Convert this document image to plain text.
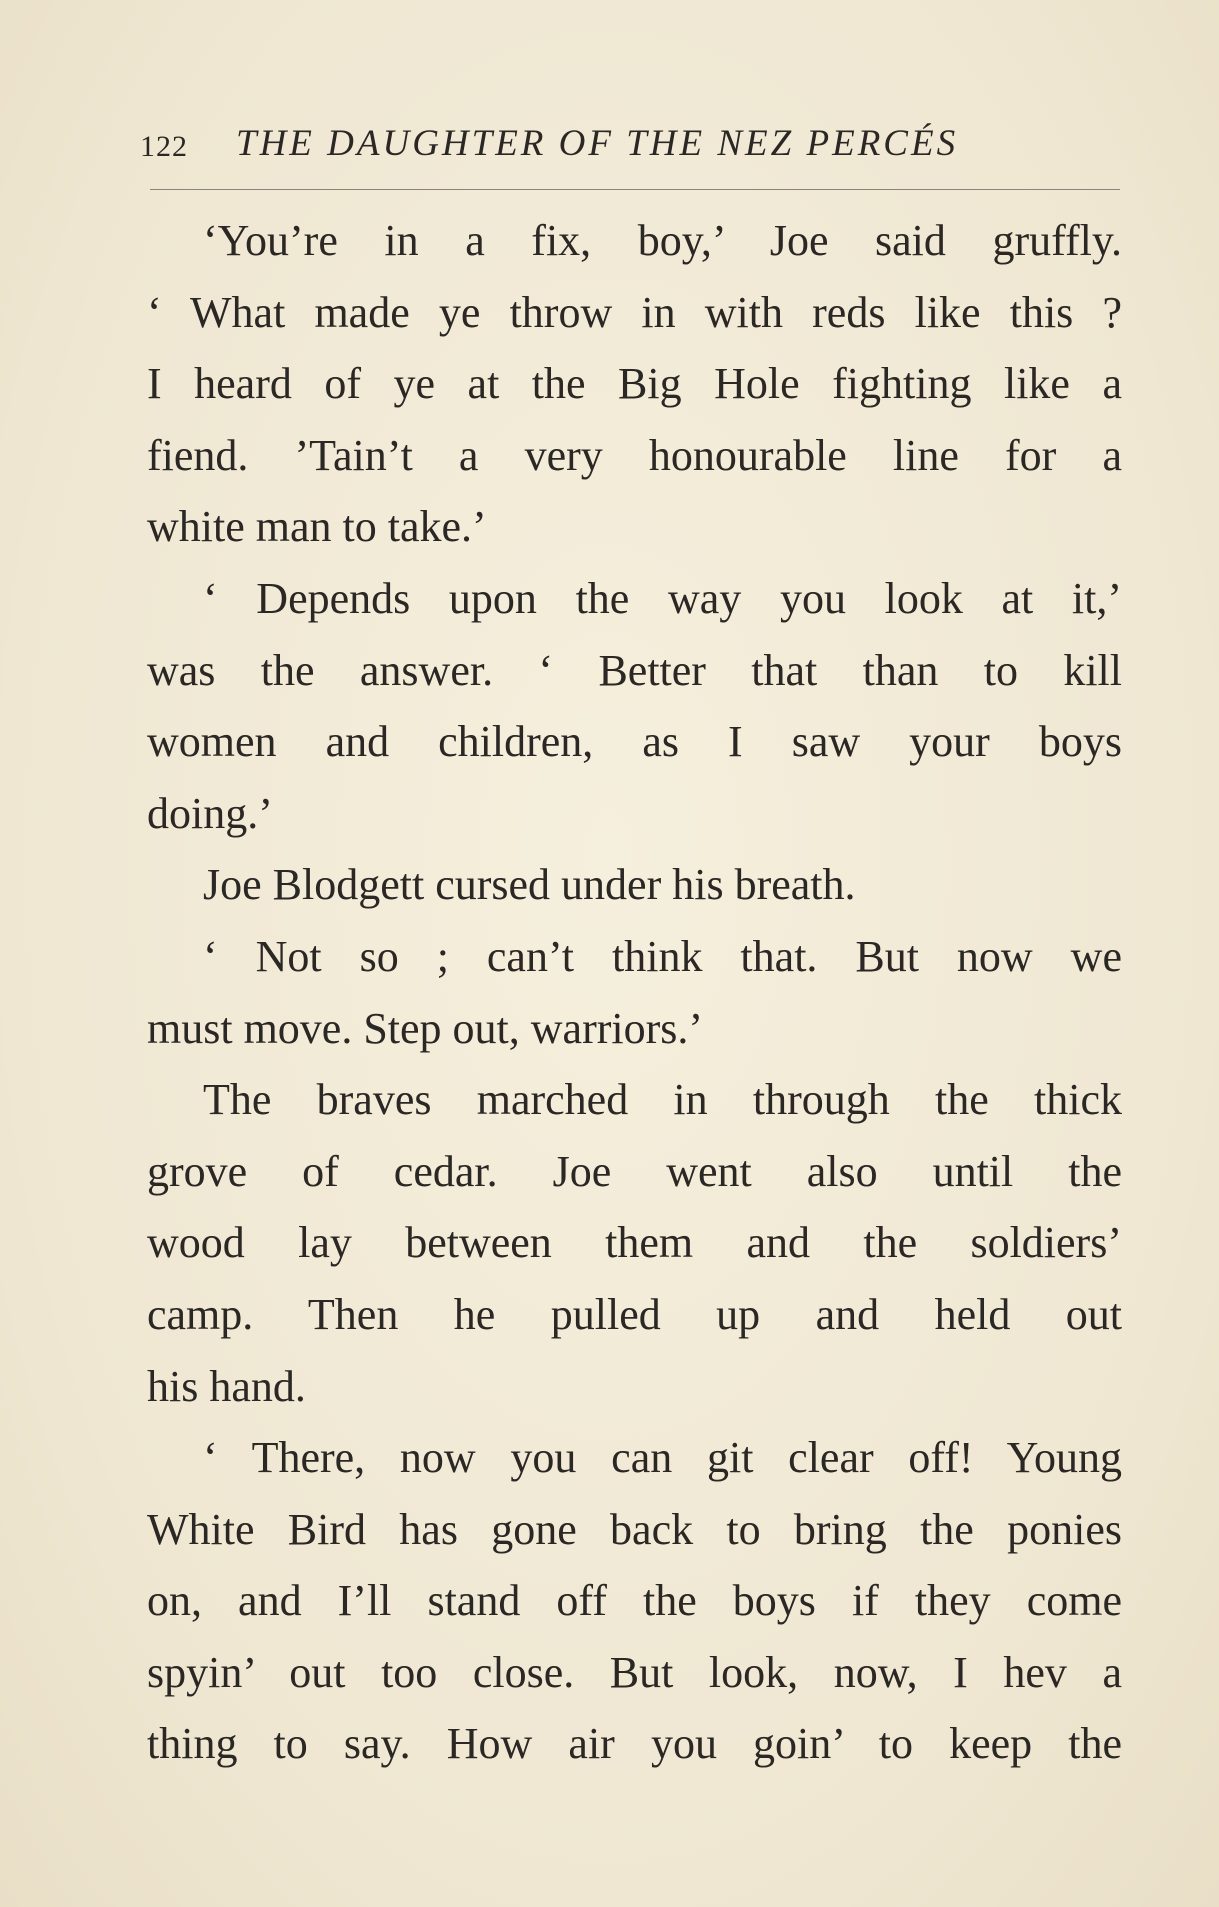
122 THE DAUGHTER OF THE NEZ PERCÉS
‘You’re in a fix, boy,’ Joe said gruffly.
‘ What made ye throw in with reds like this ?
I heard of ye at the Big Hole fighting like a
fiend. ’Tain’t a very honourable line for a
white man to take.’
‘ Depends upon the way you look at it,’
was the answer. ‘ Better that than to kill
women and children, as I saw your boys
doing.’
Joe Blodgett cursed under his breath.
‘ Not so ; can’t think that. But now we
must move. Step out, warriors.’
The braves marched in through the thick
grove of cedar. Joe went also until the
wood lay between them and the soldiers’
camp. Then he pulled up and held out
his hand.
‘ There, now you can git clear off! Young
White Bird has gone back to bring the ponies
on, and I’ll stand off the boys if they come
spyin’ out too close. But look, now, I hev a
thing to say. How air you goin’ to keep the
